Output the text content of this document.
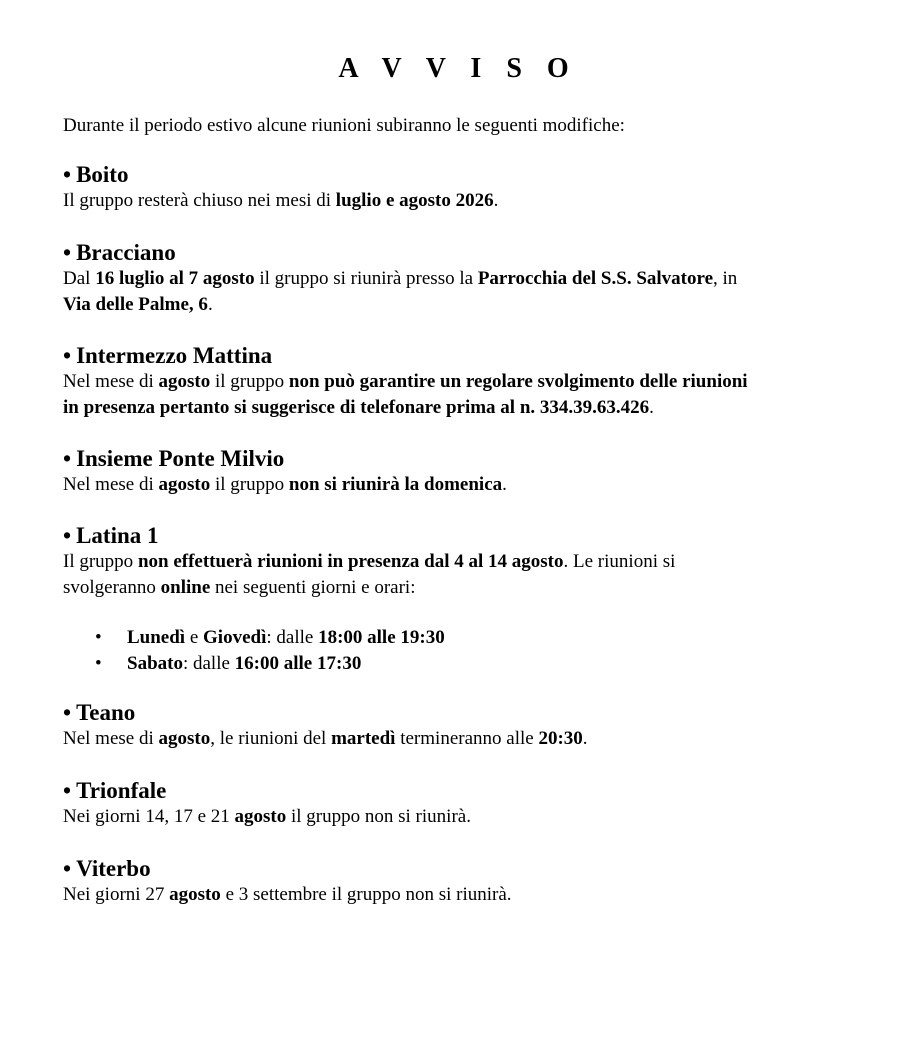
A V V I S O
Durante il periodo estivo alcune riunioni subiranno le seguenti modifiche:
• Boito
Il gruppo resterà chiuso nei mesi di luglio e agosto 2026.
• Bracciano
Dal 16 luglio al 7 agosto il gruppo si riunirà presso la Parrocchia del S.S. Salvatore, in
Via delle Palme, 6.
• Intermezzo Mattina
Nel mese di agosto il gruppo non può garantire un regolare svolgimento delle riunioni
in presenza pertanto si suggerisce di telefonare prima al n. 334.39.63.426.
• Insieme Ponte Milvio
Nel mese di agosto il gruppo non si riunirà la domenica.
• Latina 1
Il gruppo non effettuerà riunioni in presenza dal 4 al 14 agosto. Le riunioni si
svolgeranno online nei seguenti giorni e orari:
• Lunedì e Giovedì: dalle 18:00 alle 19:30
• Sabato: dalle 16:00 alle 17:30
• Teano
Nel mese di agosto, le riunioni del martedì termineranno alle 20:30.
• Trionfale
Nei giorni 14, 17 e 21 agosto il gruppo non si riunirà.
• Viterbo
Nei giorni 27 agosto e 3 settembre il gruppo non si riunirà.
